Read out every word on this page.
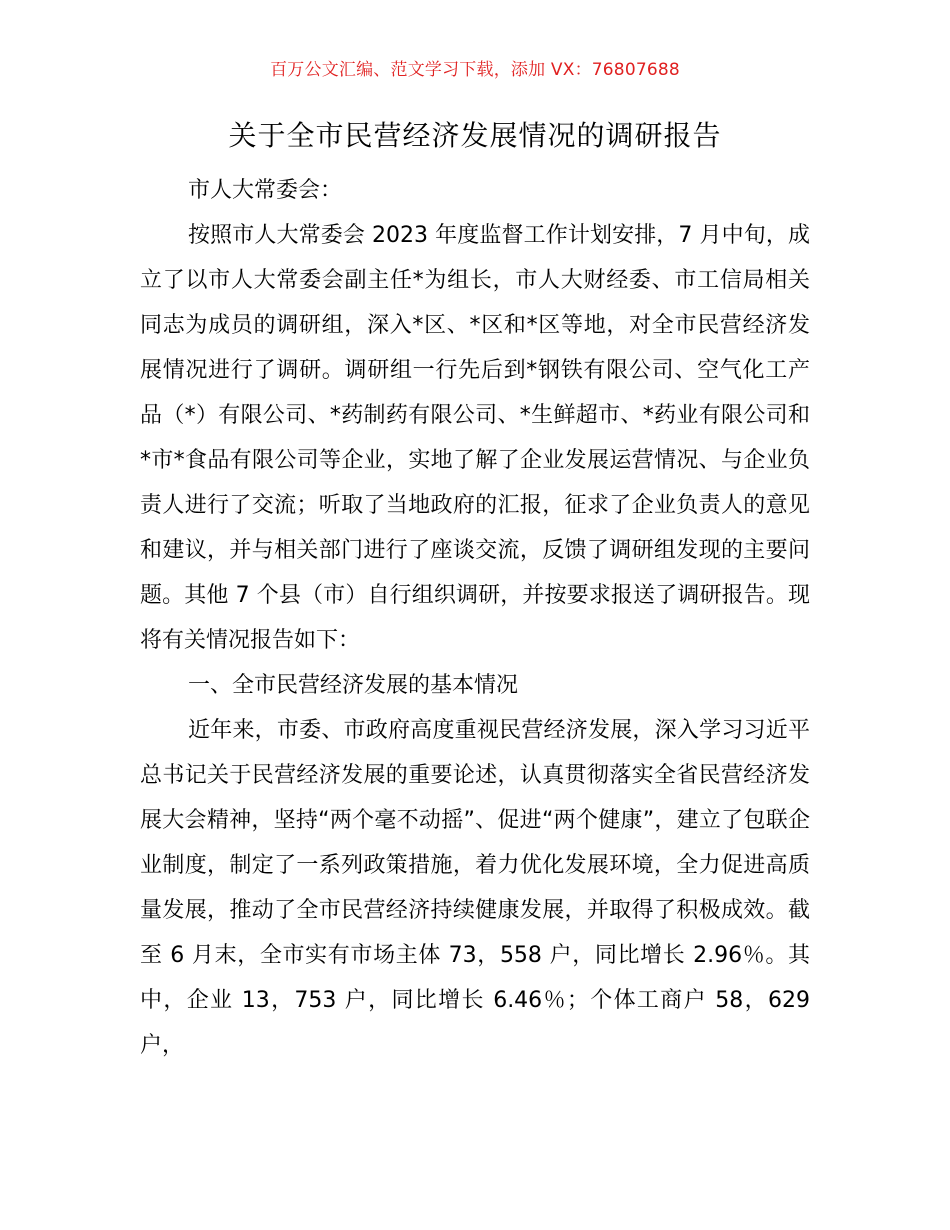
百万公文汇编、范文学习下载，添加 VX：76807688
关于全市民营经济发展情况的调研报告

市人大常委会：

按照市人大常委会 2023 年度监督工作计划安排，7 月中旬，成立了以市人大常委会副主任*为组长，市人大财经委、市工信局相关同志为成员的调研组，深入*区、*区和*区等地，对全市民营经济发展情况进行了调研。调研组一行先后到*钢铁有限公司、空气化工产品（*）有限公司、*药制药有限公司、*生鲜超市、*药业有限公司和*市*食品有限公司等企业，实地了解了企业发展运营情况、与企业负责人进行了交流；听取了当地政府的汇报，征求了企业负责人的意见和建议，并与相关部门进行了座谈交流，反馈了调研组发现的主要问题。其他 7 个县（市）自行组织调研，并按要求报送了调研报告。现将有关情况报告如下：

一、全市民营经济发展的基本情况

近年来，市委、市政府高度重视民营经济发展，深入学习习近平总书记关于民营经济发展的重要论述，认真贯彻落实全省民营经济发展大会精神，坚持“两个毫不动摇”、促进“两个健康”，建立了包联企业制度，制定了一系列政策措施，着力优化发展环境，全力促进高质量发展，推动了全市民营经济持续健康发展，并取得了积极成效。截至 6 月末，全市实有市场主体 73，558 户，同比增长 2.96％。其中，企业 13，753 户，同比增长 6.46％；个体工商户 58，629 户，
